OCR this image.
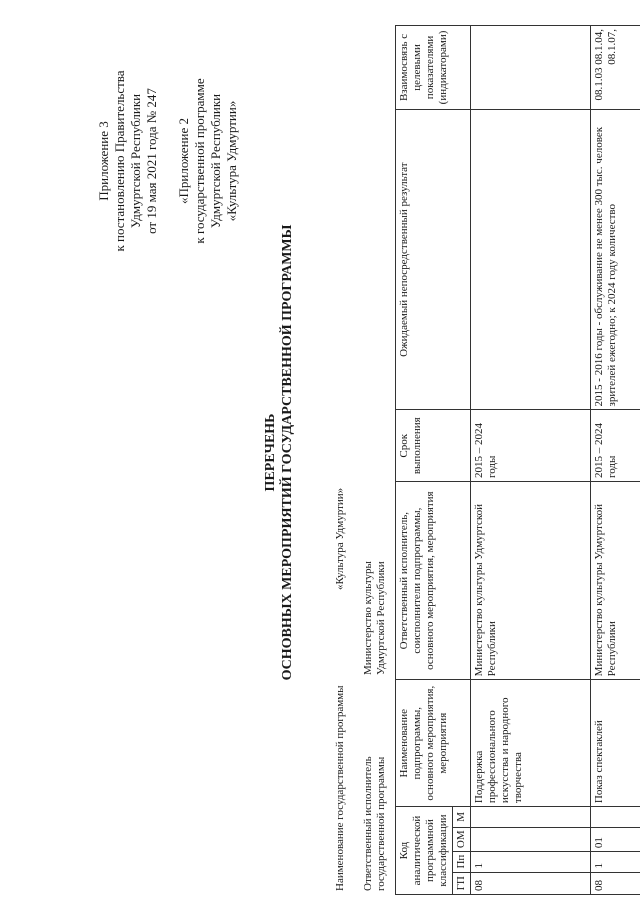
Приложение 3 к постановлению Правительства Удмуртской Республики от 19 мая 2021 года № 247 «Приложение 2 к государственной программе Удмуртской Республики «Культура Удмуртии»
ПЕРЕЧЕНЬ ОСНОВНЫХ МЕРОПРИЯТИЙ ГОСУДАРСТВЕННОЙ ПРОГРАММЫ
Наименование государственной программы
«Культура Удмуртии»
Ответственный исполнитель государственной программы
Министерство культуры Удмуртской Республики
Код аналитической программной классификации				Наименование подпрограммы, основного мероприятия, мероприятия	Ответственный исполнитель, соисполнители подпрограммы, основного мероприятия, мероприятия	Срок выполнения	Ожидаемый непосредственный результат	Взаимосвязь с целевыми показателями (индикаторами)
ГП	Пп	ОМ	М					
08	1			Поддержка профессионального искусства и народного творчества	Министерство культуры Удмуртской Республики	2015 – 2024 годы		
08	1	01		Показ спектаклей	Министерство культуры Удмуртской Республики	2015 – 2024 годы	2015 - 2016 годы - обслуживание не менее 300 тыс. человек зрителей ежегодно; к 2024 году количество	08.1.03 08.1.04, 08.1.07,
